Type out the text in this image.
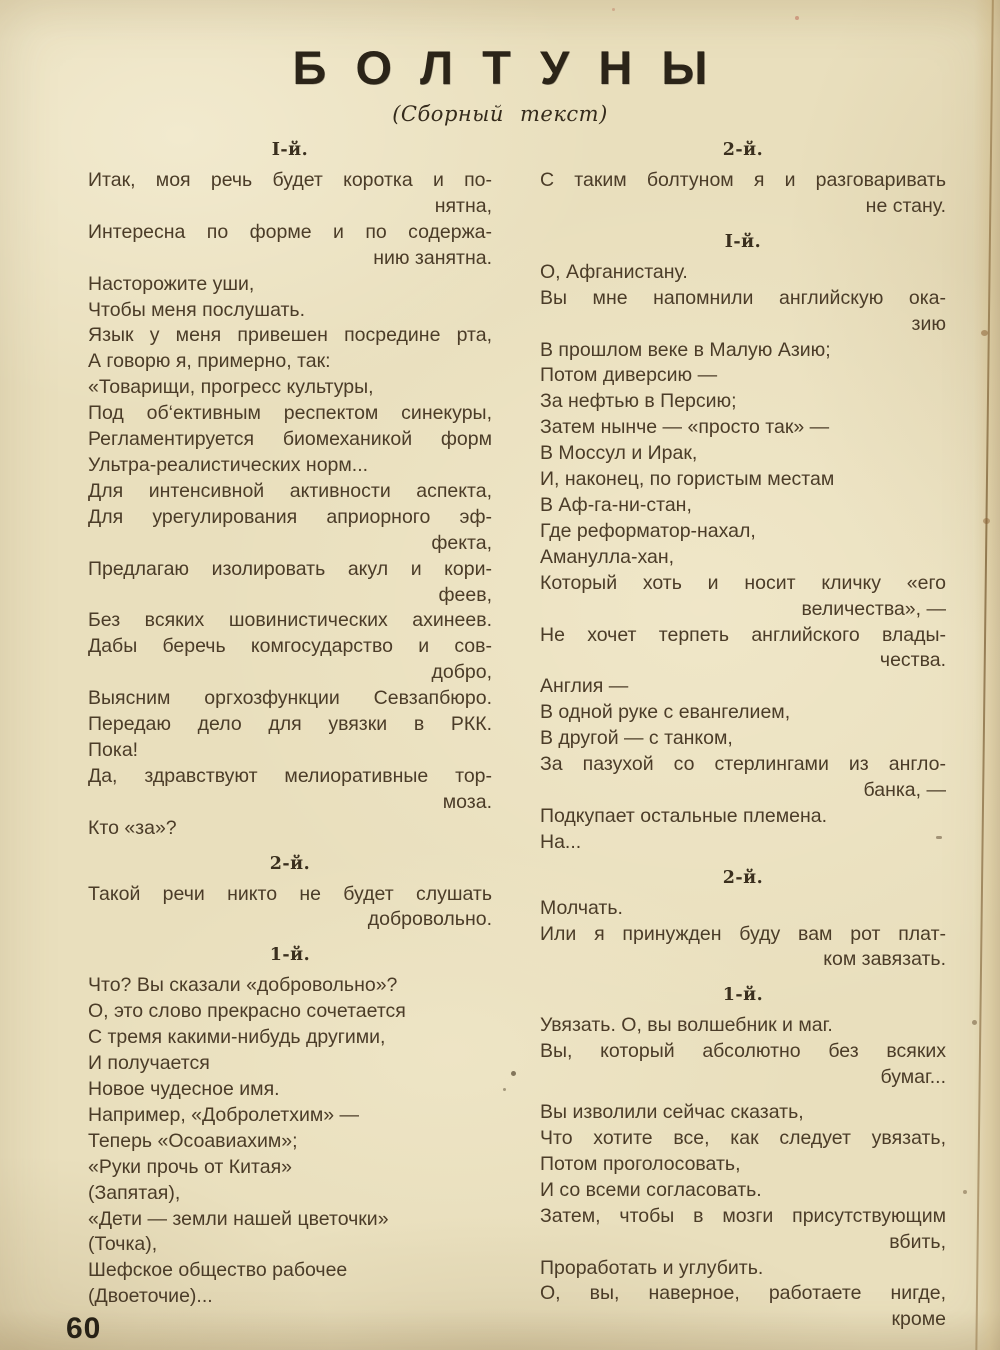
БОЛТУНЫ
(Сборный текст)
I-й.
Итак, моя речь будет коротка и по-
нятна,
Интересна по форме и по содержа-
нию занятна.
Насторожите уши,
Чтобы меня послушать.
Язык у меня привешен посредине рта,
А говорю я, примерно, так:
«Товарищи, прогресс культуры,
Под об‘ективным респектом синекуры,
Регламентируется биомеханикой форм
Ультра-реалистических норм...
Для интенсивной активности аспекта,
Для урегулирования априорного эф-
фекта,
Предлагаю изолировать акул и кори-
феев,
Без всяких шовинистических ахинеев.
Дабы беречь комгосударство и сов-
добро,
Выясним оргхозфункции Севзапбюро.
Передаю дело для увязки в РКК.
Пока!
Да, здравствуют мелиоративные тор-
моза.
Кто «за»?
2-й.
Такой речи никто не будет слушать
добровольно.
1-й.
Что? Вы сказали «добровольно»?
О, это слово прекрасно сочетается
С тремя какими-нибудь другими,
И получается
Новое чудесное имя.
Например, «Добролетхим» —
Теперь «Осоавиахим»;
«Руки прочь от Китая»
(Запятая),
«Дети — земли нашей цветочки»
(Точка),
Шефское общество рабочее
(Двоеточие)...
2-й.
С таким болтуном я и разговаривать
не стану.
I-й.
О, Афганистану.
Вы мне напомнили английскую ока-
зию
В прошлом веке в Малую Азию;
Потом диверсию —
За нефтью в Персию;
Затем нынче — «просто так» —
В Моссул и Ирак,
И, наконец, по гористым местам
В Аф-га-ни-стан,
Где реформатор-нахал,
Аманулла-хан,
Который хоть и носит кличку «его
величества», —
Не хочет терпеть английского влады-
чества.
Англия —
В одной руке с евангелием,
В другой — с танком,
За пазухой со стерлингами из англо-
банка, —
Подкупает остальные племена.
На...
2-й.
Молчать.
Или я принужден буду вам рот плат-
ком завязать.
1-й.
Увязать. О, вы волшебник и маг.
Вы, который абсолютно без всяких
бумаг...
Вы изволили сейчас сказать,
Что хотите все, как следует увязать,
Потом проголосовать,
И со всеми согласовать.
Затем, чтобы в мозги присутствующим
вбить,
Проработать и углубить.
О, вы, наверное, работаете нигде,
кроме
60
